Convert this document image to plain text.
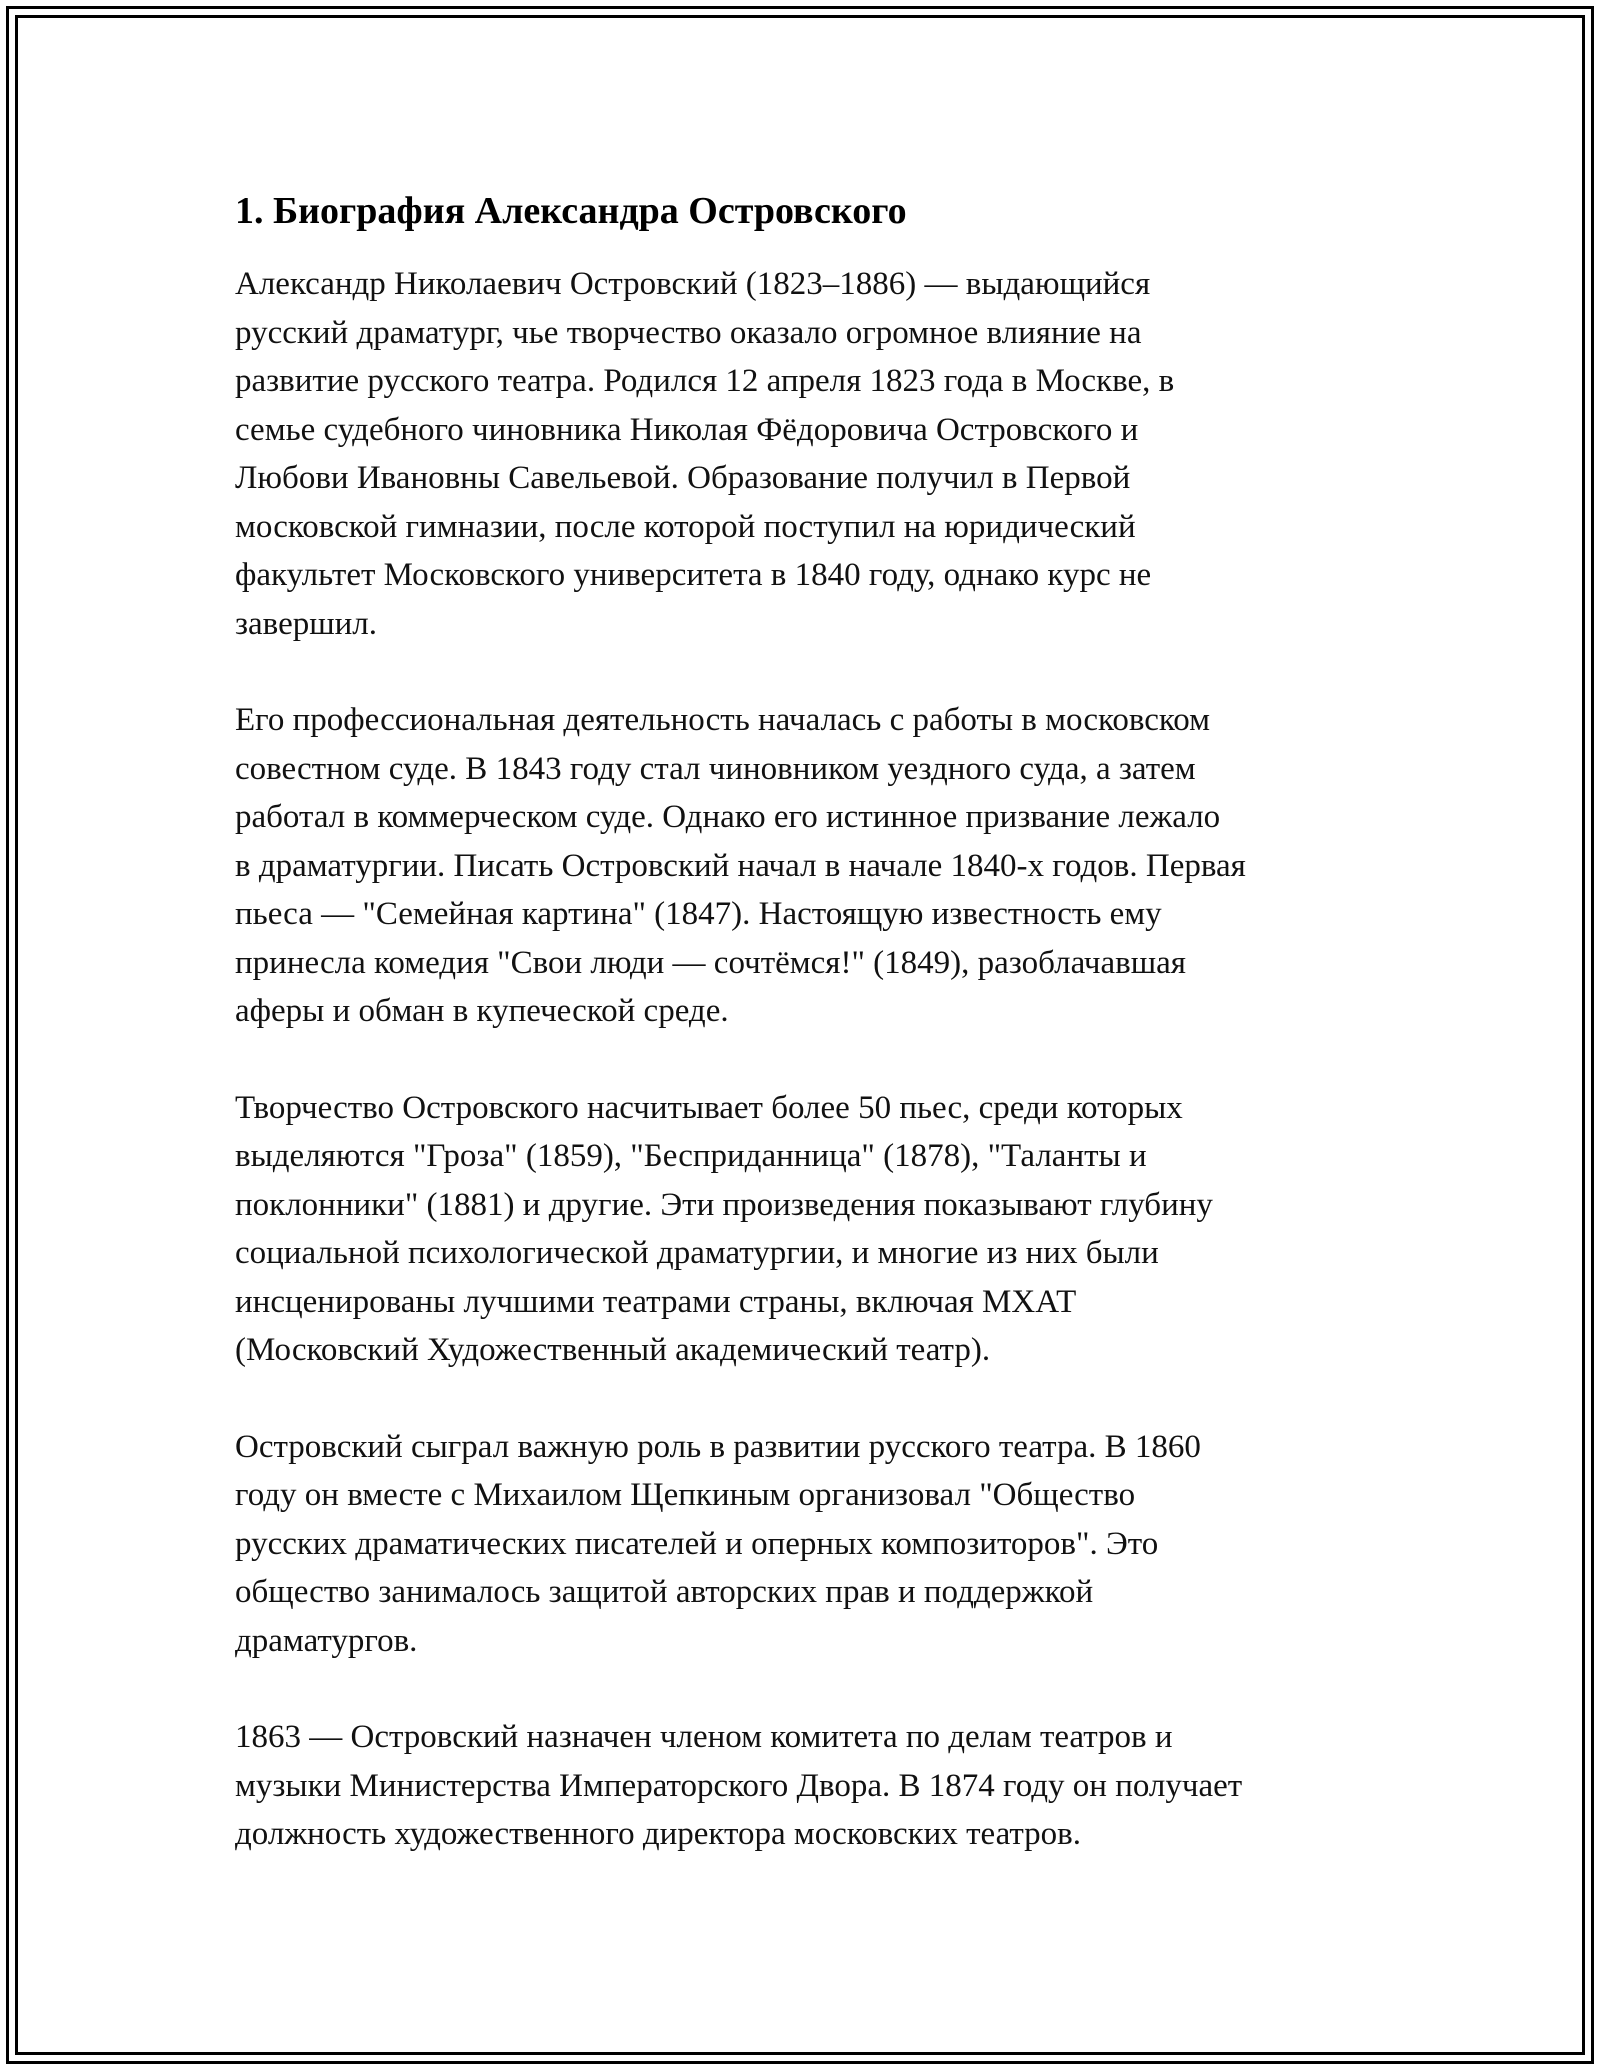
1. Биография Александра Островского

Александр Николаевич Островский (1823–1886) — выдающийся
русский драматург, чье творчество оказало огромное влияние на
развитие русского театра. Родился 12 апреля 1823 года в Москве, в
семье судебного чиновника Николая Фёдоровича Островского и
Любови Ивановны Савельевой. Образование получил в Первой
московской гимназии, после которой поступил на юридический
факультет Московского университета в 1840 году, однако курс не
завершил.

Его профессиональная деятельность началась с работы в московском
совестном суде. В 1843 году стал чиновником уездного суда, а затем
работал в коммерческом суде. Однако его истинное призвание лежало
в драматургии. Писать Островский начал в начале 1840-х годов. Первая
пьеса — "Семейная картина" (1847). Настоящую известность ему
принесла комедия "Свои люди — сочтёмся!" (1849), разоблачавшая
аферы и обман в купеческой среде.

Творчество Островского насчитывает более 50 пьес, среди которых
выделяются "Гроза" (1859), "Бесприданница" (1878), "Таланты и
поклонники" (1881) и другие. Эти произведения показывают глубину
социальной психологической драматургии, и многие из них были
инсценированы лучшими театрами страны, включая МХАТ
(Московский Художественный академический театр).

Островский сыграл важную роль в развитии русского театра. В 1860
году он вместе с Михаилом Щепкиным организовал "Общество
русских драматических писателей и оперных композиторов". Это
общество занималось защитой авторских прав и поддержкой
драматургов.

1863 — Островский назначен членом комитета по делам театров и
музыки Министерства Императорского Двора. В 1874 году он получает
должность художественного директора московских театров.
